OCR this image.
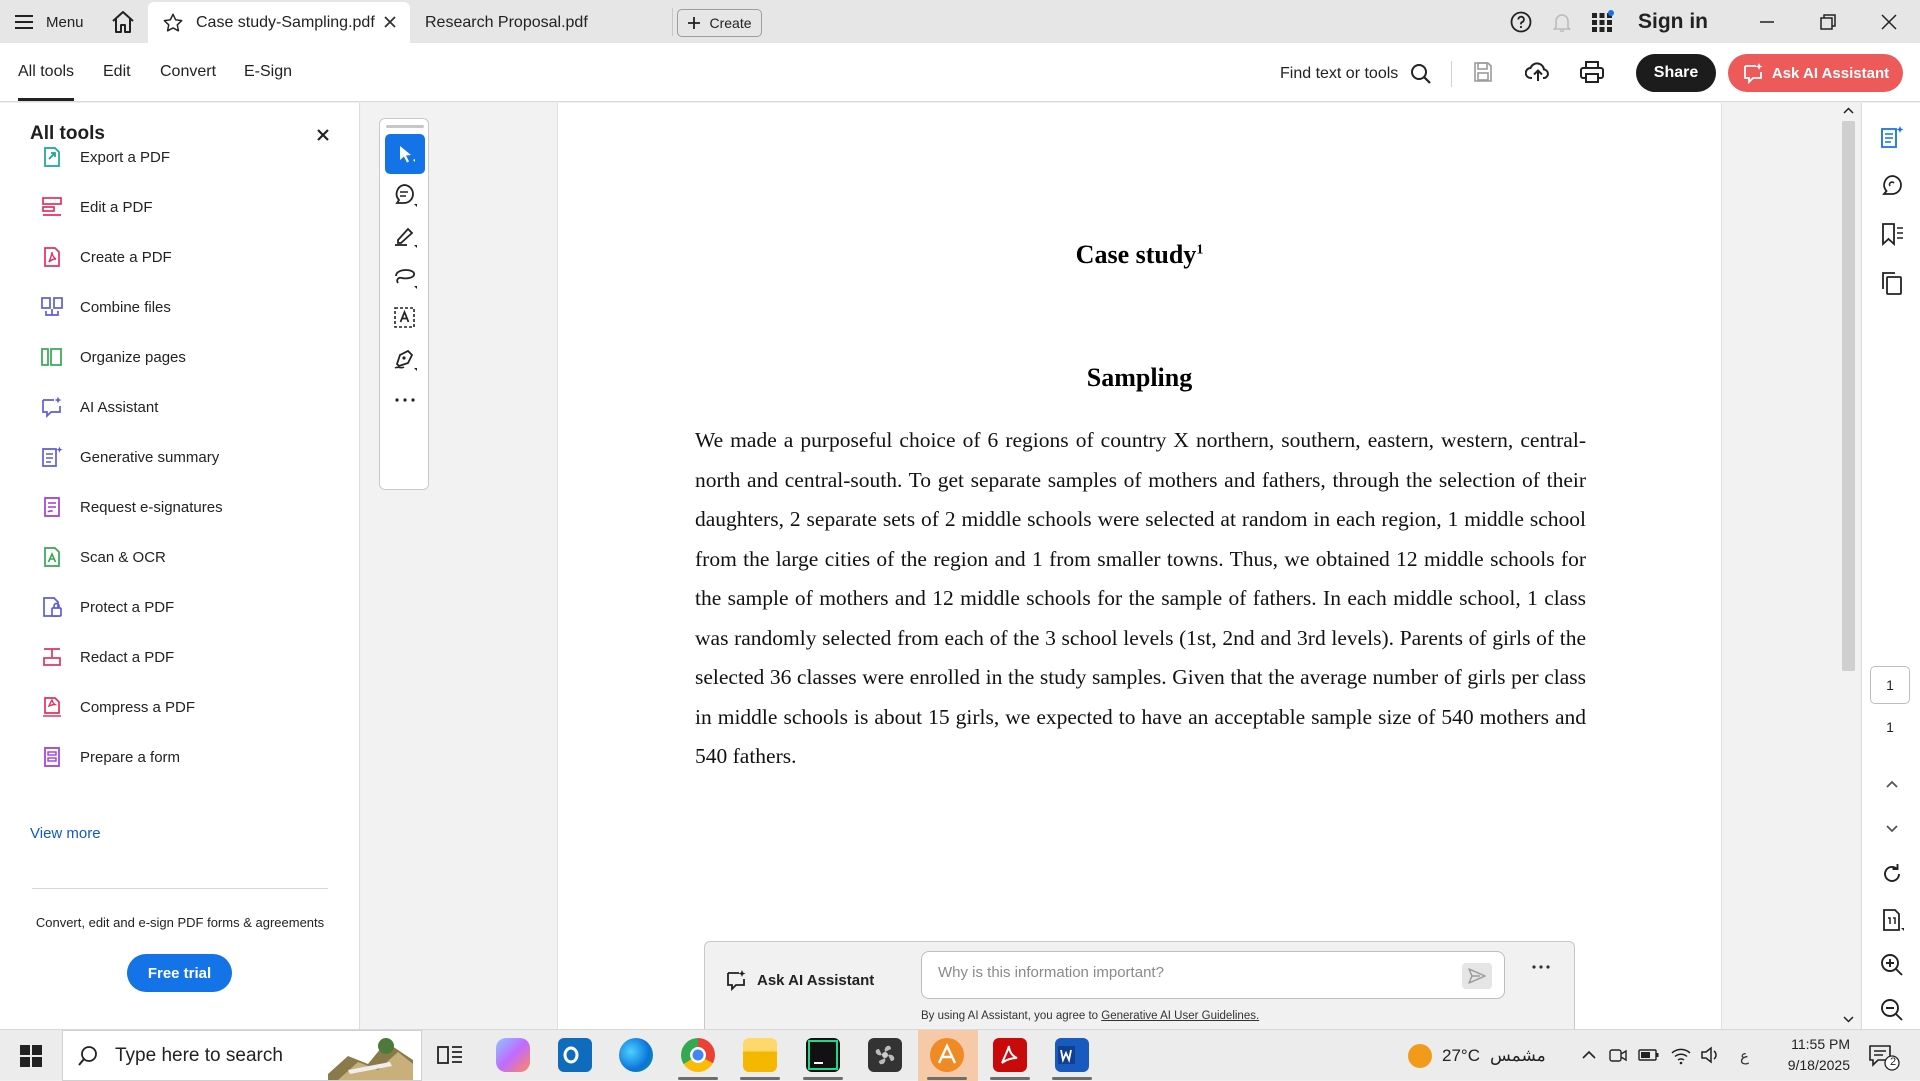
Menu	Case study-Sampling.pdf	Research Proposal.pdf	Create	Sign in
All tools Edit Convert E-Sign	Find text or tools	Share	Ask AI Assistant
All tools
Export a PDF
Edit a PDF
Create a PDF
Combine files
Organize pages
AI Assistant
Generative summary
Request e-signatures
Scan & OCR
Protect a PDF
Redact a PDF
Compress a PDF
Prepare a form
View more
Convert, edit and e-sign PDF forms & agreements
Free trial
Case study$^1$
Sampling
We made a purposeful choice of 6 regions of country X northern, southern, eastern, western, central-north and central-south. To get separate samples of mothers and fathers, through the selection of their daughters, 2 separate sets of 2 middle schools were selected at random in each region, 1 middle school from the large cities of the region and 1 from smaller towns. Thus, we obtained 12 middle schools for the sample of mothers and 12 middle schools for the sample of fathers. In each middle school, 1 class was randomly selected from each of the 3 school levels (1st, 2nd and 3rd levels). Parents of girls of the selected 36 classes were enrolled in the study samples. Given that the average number of girls per class in middle schools is about 15 girls, we expected to have an acceptable sample size of 540 mothers and 540 fathers.
Ask AI Assistant
Why is this information important?
By using AI Assistant, you agree to Generative AI User Guidelines.
1
1
Type here to search	27°C مشمس	ع
11:55 PM
9/18/2025	2
